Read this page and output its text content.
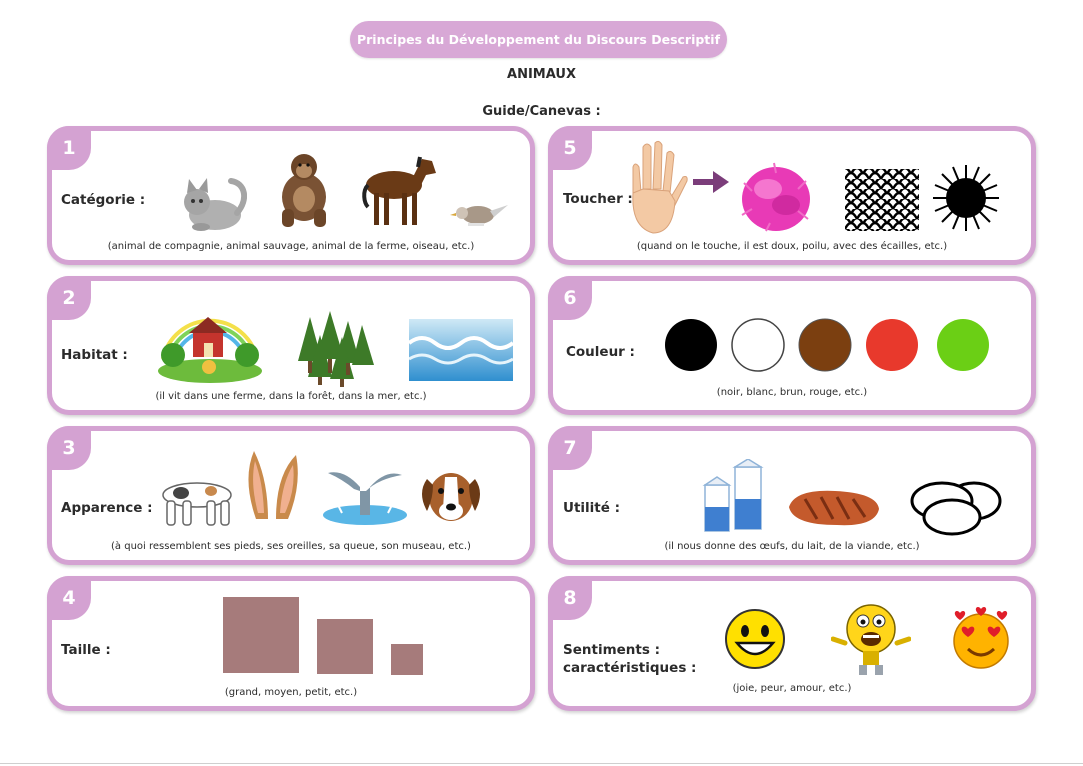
Principes du Développement du Discours Descriptif
ANIMAUX
Guide/Canevas :
1
Catégorie :
(animal de compagnie, animal sauvage, animal de la ferme, oiseau, etc.)
5
Toucher :
(quand on le touche, il est doux, poilu, avec des écailles, etc.)
2
Habitat :
(il vit dans une ferme, dans la forêt, dans la mer, etc.)
6
Couleur :
(noir, blanc, brun, rouge, etc.)
3
Apparence :
(à quoi ressemblent ses pieds, ses oreilles, sa queue, son museau, etc.)
7
Utilité :
(il nous donne des œufs, du lait, de la viande, etc.)
4
Taille :
(grand, moyen, petit, etc.)
8
Sentiments :
caractéristiques :
(joie, peur, amour, etc.)
